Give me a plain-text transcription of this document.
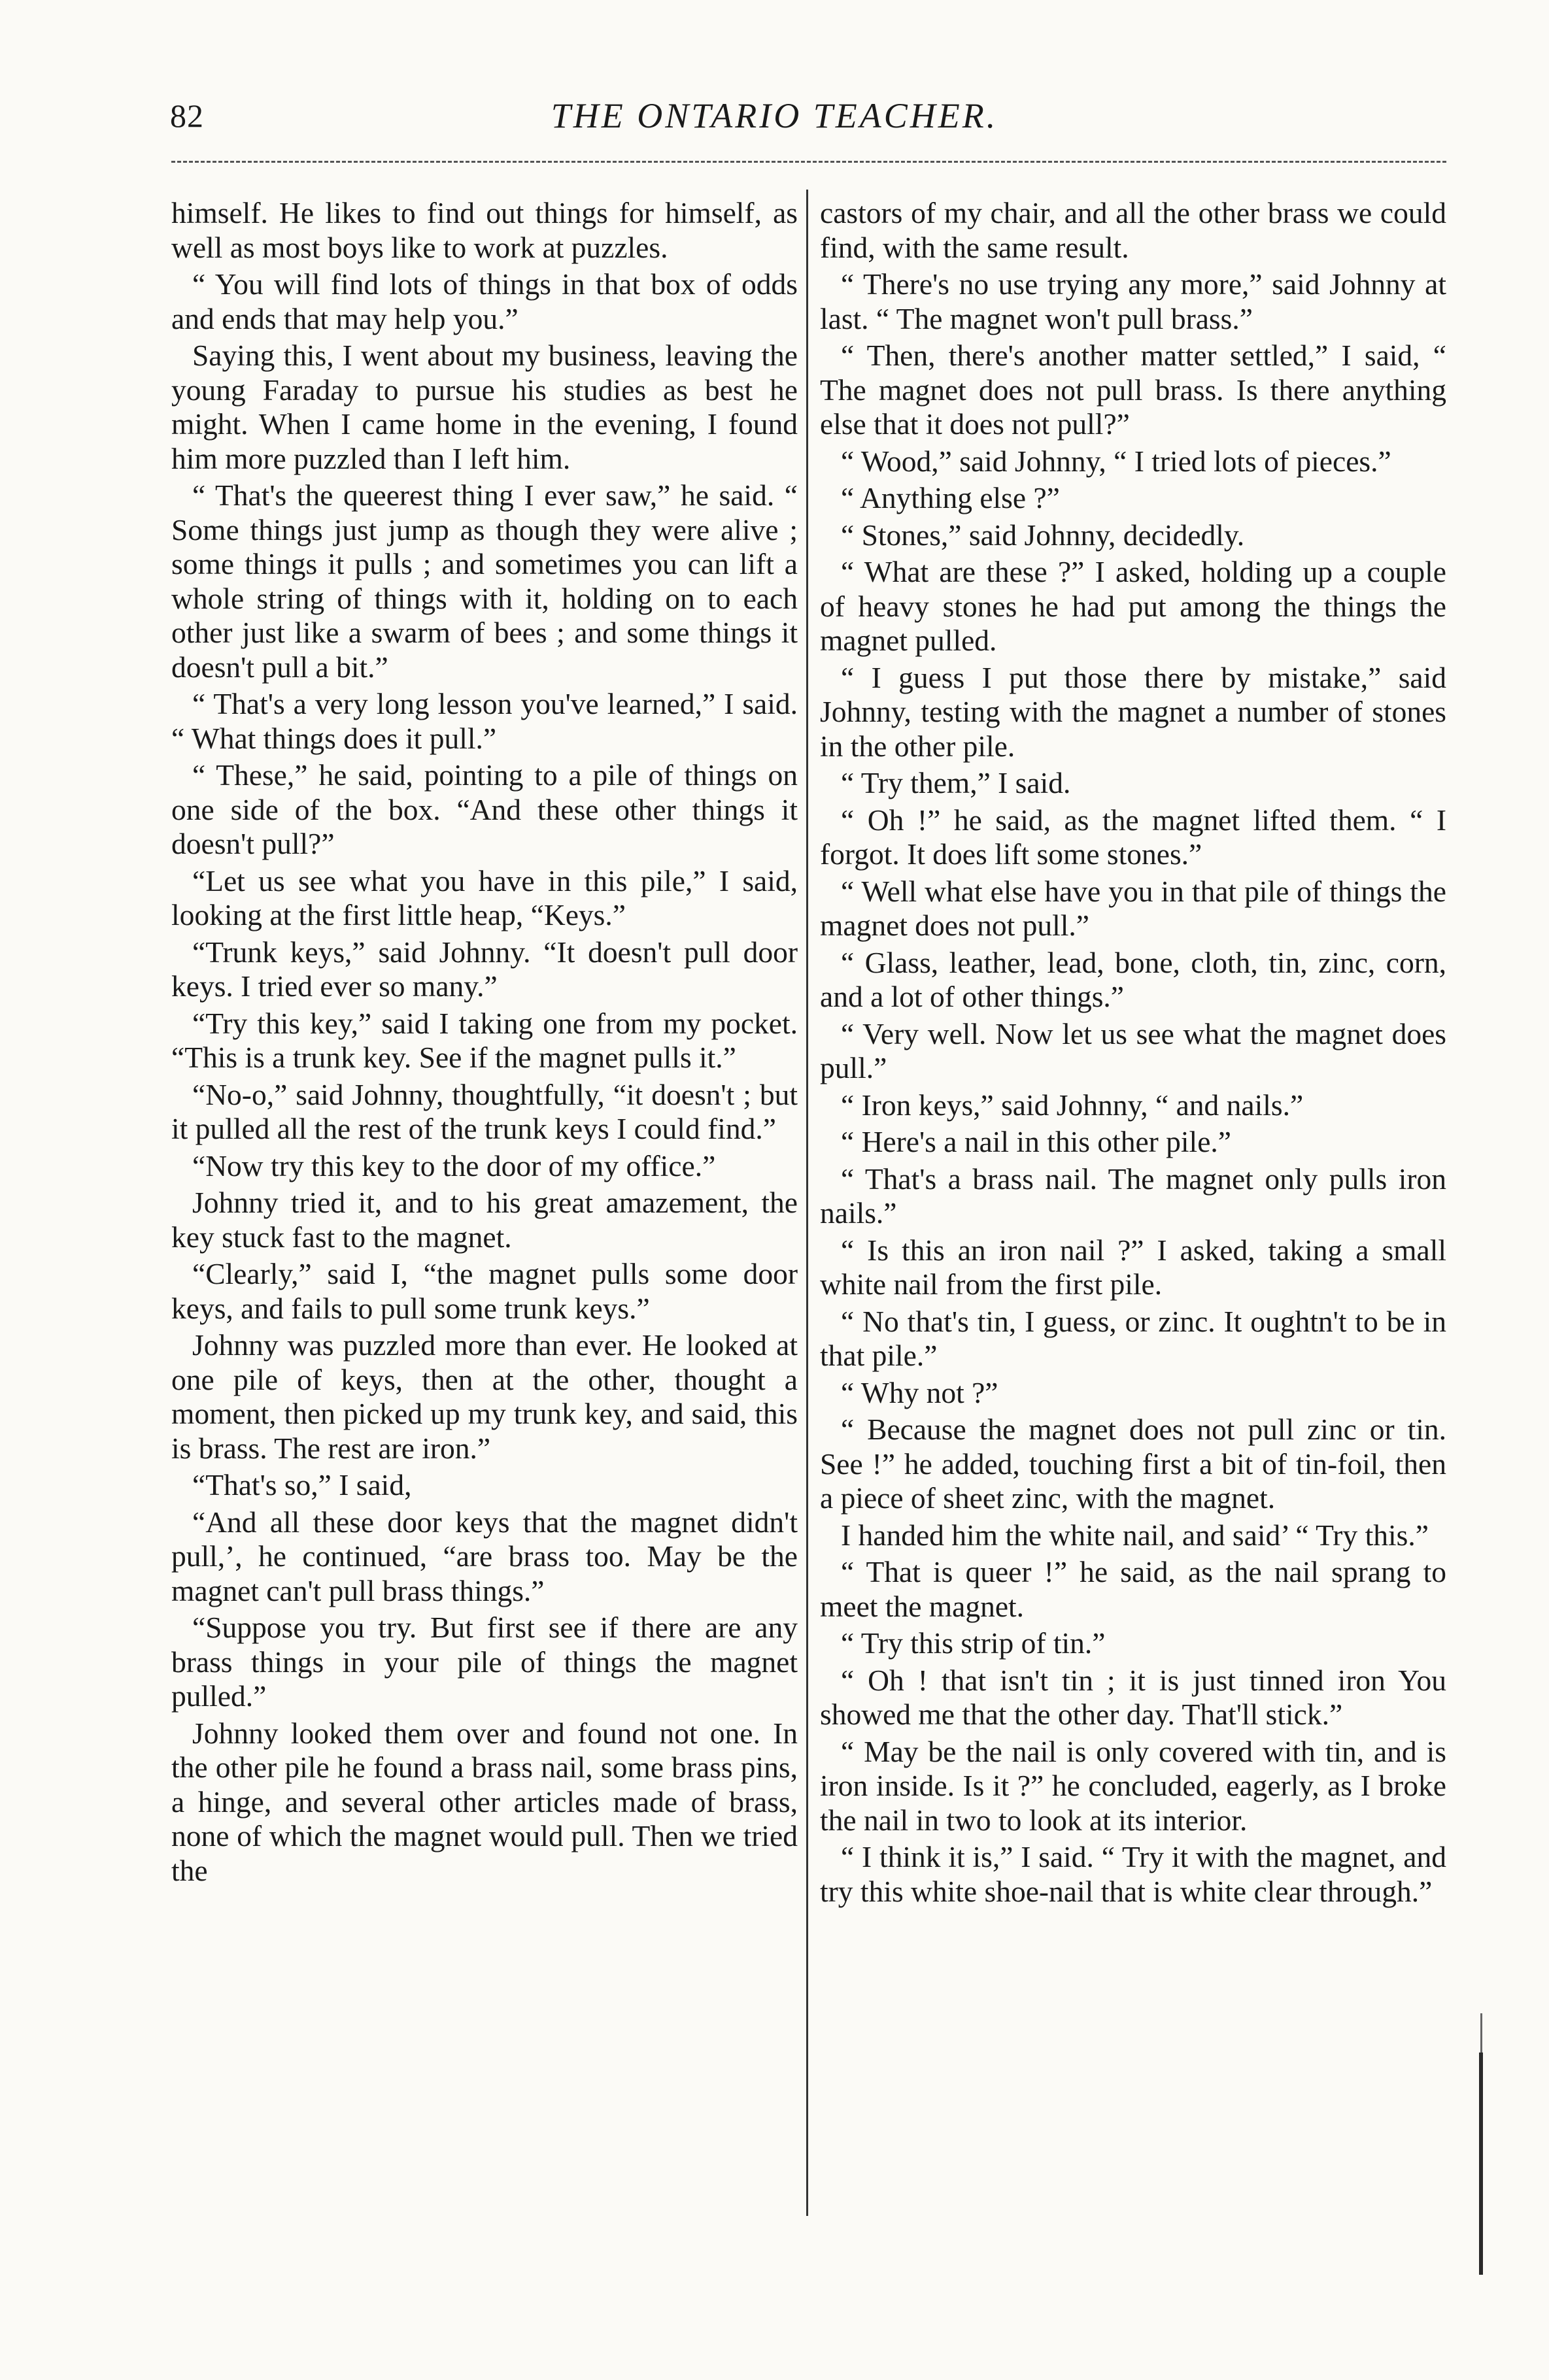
82	THE ONTARIO TEACHER.

himself. He likes to find out things for himself, as well as most boys like to work at puzzles.

“ You will find lots of things in that box of odds and ends that may help you.”

Saying this, I went about my business, leaving the young Faraday to pursue his studies as best he might. When I came home in the evening, I found him more puzzled than I left him.

“ That's the queerest thing I ever saw,” he said. “ Some things just jump as though they were alive ; some things it pulls ; and sometimes you can lift a whole string of things with it, holding on to each other just like a swarm of bees ; and some things it doesn't pull a bit.”

“ That's a very long lesson you've learned,” I said. “ What things does it pull.”

“ These,” he said, pointing to a pile of things on one side of the box. “And these other things it doesn't pull?”

“Let us see what you have in this pile,” I said, looking at the first little heap, “Keys.”

“Trunk keys,” said Johnny. “It doesn't pull door keys. I tried ever so many.”

“Try this key,” said I taking one from my pocket. “This is a trunk key. See if the magnet pulls it.”

“No-o,” said Johnny, thoughtfully, “it doesn't ; but it pulled all the rest of the trunk keys I could find.”

“Now try this key to the door of my office.”

Johnny tried it, and to his great amazement, the key stuck fast to the magnet.

“Clearly,” said I, “the magnet pulls some door keys, and fails to pull some trunk keys.”

Johnny was puzzled more than ever. He looked at one pile of keys, then at the other, thought a moment, then picked up my trunk key, and said, this is brass. The rest are iron.”

“That's so,” I said,

“And all these door keys that the magnet didn't pull,’, he continued, “are brass too. May be the magnet can't pull brass things.”

“Suppose you try. But first see if there are any brass things in your pile of things the magnet pulled.”

Johnny looked them over and found not one. In the other pile he found a brass nail, some brass pins, a hinge, and several other articles made of brass, none of which the magnet would pull. Then we tried the

castors of my chair, and all the other brass we could find, with the same result.

“ There's no use trying any more,” said Johnny at last. “ The magnet won't pull brass.”

“ Then, there's another matter settled,” I said, “ The magnet does not pull brass. Is there anything else that it does not pull?”

“ Wood,” said Johnny, “ I tried lots of pieces.”

“ Anything else ?”

“ Stones,” said Johnny, decidedly.

“ What are these ?” I asked, holding up a couple of heavy stones he had put among the things the magnet pulled.

“ I guess I put those there by mistake,” said Johnny, testing with the magnet a number of stones in the other pile.

“ Try them,” I said.

“ Oh !” he said, as the magnet lifted them. “ I forgot. It does lift some stones.”

“ Well what else have you in that pile of things the magnet does not pull.”

“ Glass, leather, lead, bone, cloth, tin, zinc, corn, and a lot of other things.”

“ Very well. Now let us see what the magnet does pull.”

“ Iron keys,” said Johnny, “ and nails.”

“ Here's a nail in this other pile.”

“ That's a brass nail. The magnet only pulls iron nails.”

“ Is this an iron nail ?” I asked, taking a small white nail from the first pile.

“ No that's tin, I guess, or zinc. It oughtn't to be in that pile.”

“ Why not ?”

“ Because the magnet does not pull zinc or tin. See !” he added, touching first a bit of tin-foil, then a piece of sheet zinc, with the magnet.

I handed him the white nail, and said’ “ Try this.”

“ That is queer !” he said, as the nail sprang to meet the magnet.

“ Try this strip of tin.”

“ Oh ! that isn't tin ; it is just tinned iron You showed me that the other day. That'll stick.”

“ May be the nail is only covered with tin, and is iron inside. Is it ?” he concluded, eagerly, as I broke the nail in two to look at its interior.

“ I think it is,” I said. “ Try it with the magnet, and try this white shoe-nail that is white clear through.”
